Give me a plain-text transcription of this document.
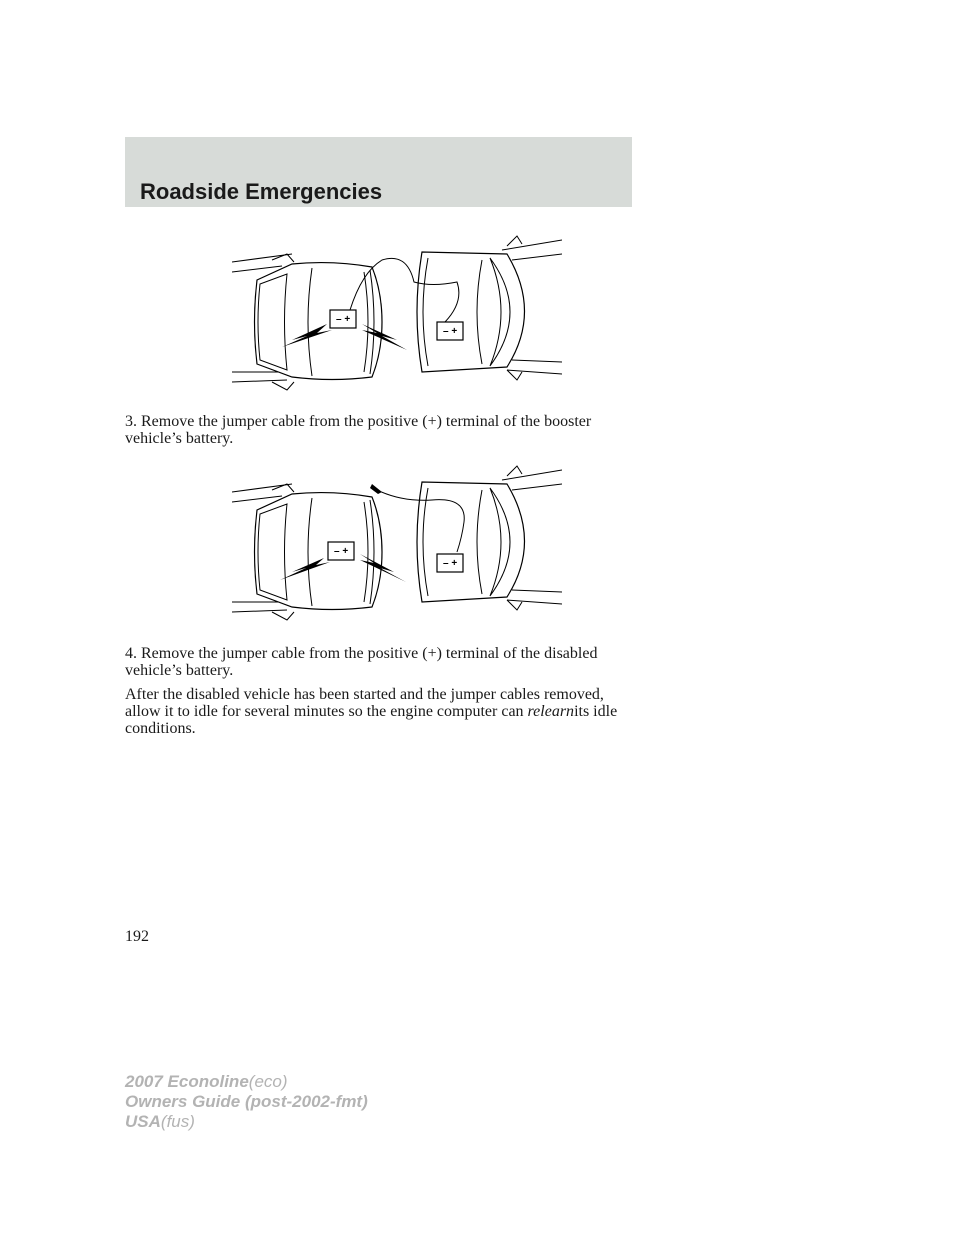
Roadside Emergencies
– +
– +

3. Remove the jumper cable from the positive (+) terminal of the booster vehicle’s battery.

– +
– +

4. Remove the jumper cable from the positive (+) terminal of the disabled vehicle’s battery.

After the disabled vehicle has been started and the jumper cables removed, allow it to idle for several minutes so the engine computer can relearnits idle conditions.

192
2007 Econoline(eco)
Owners Guide (post-2002-fmt)
USA(fus)
